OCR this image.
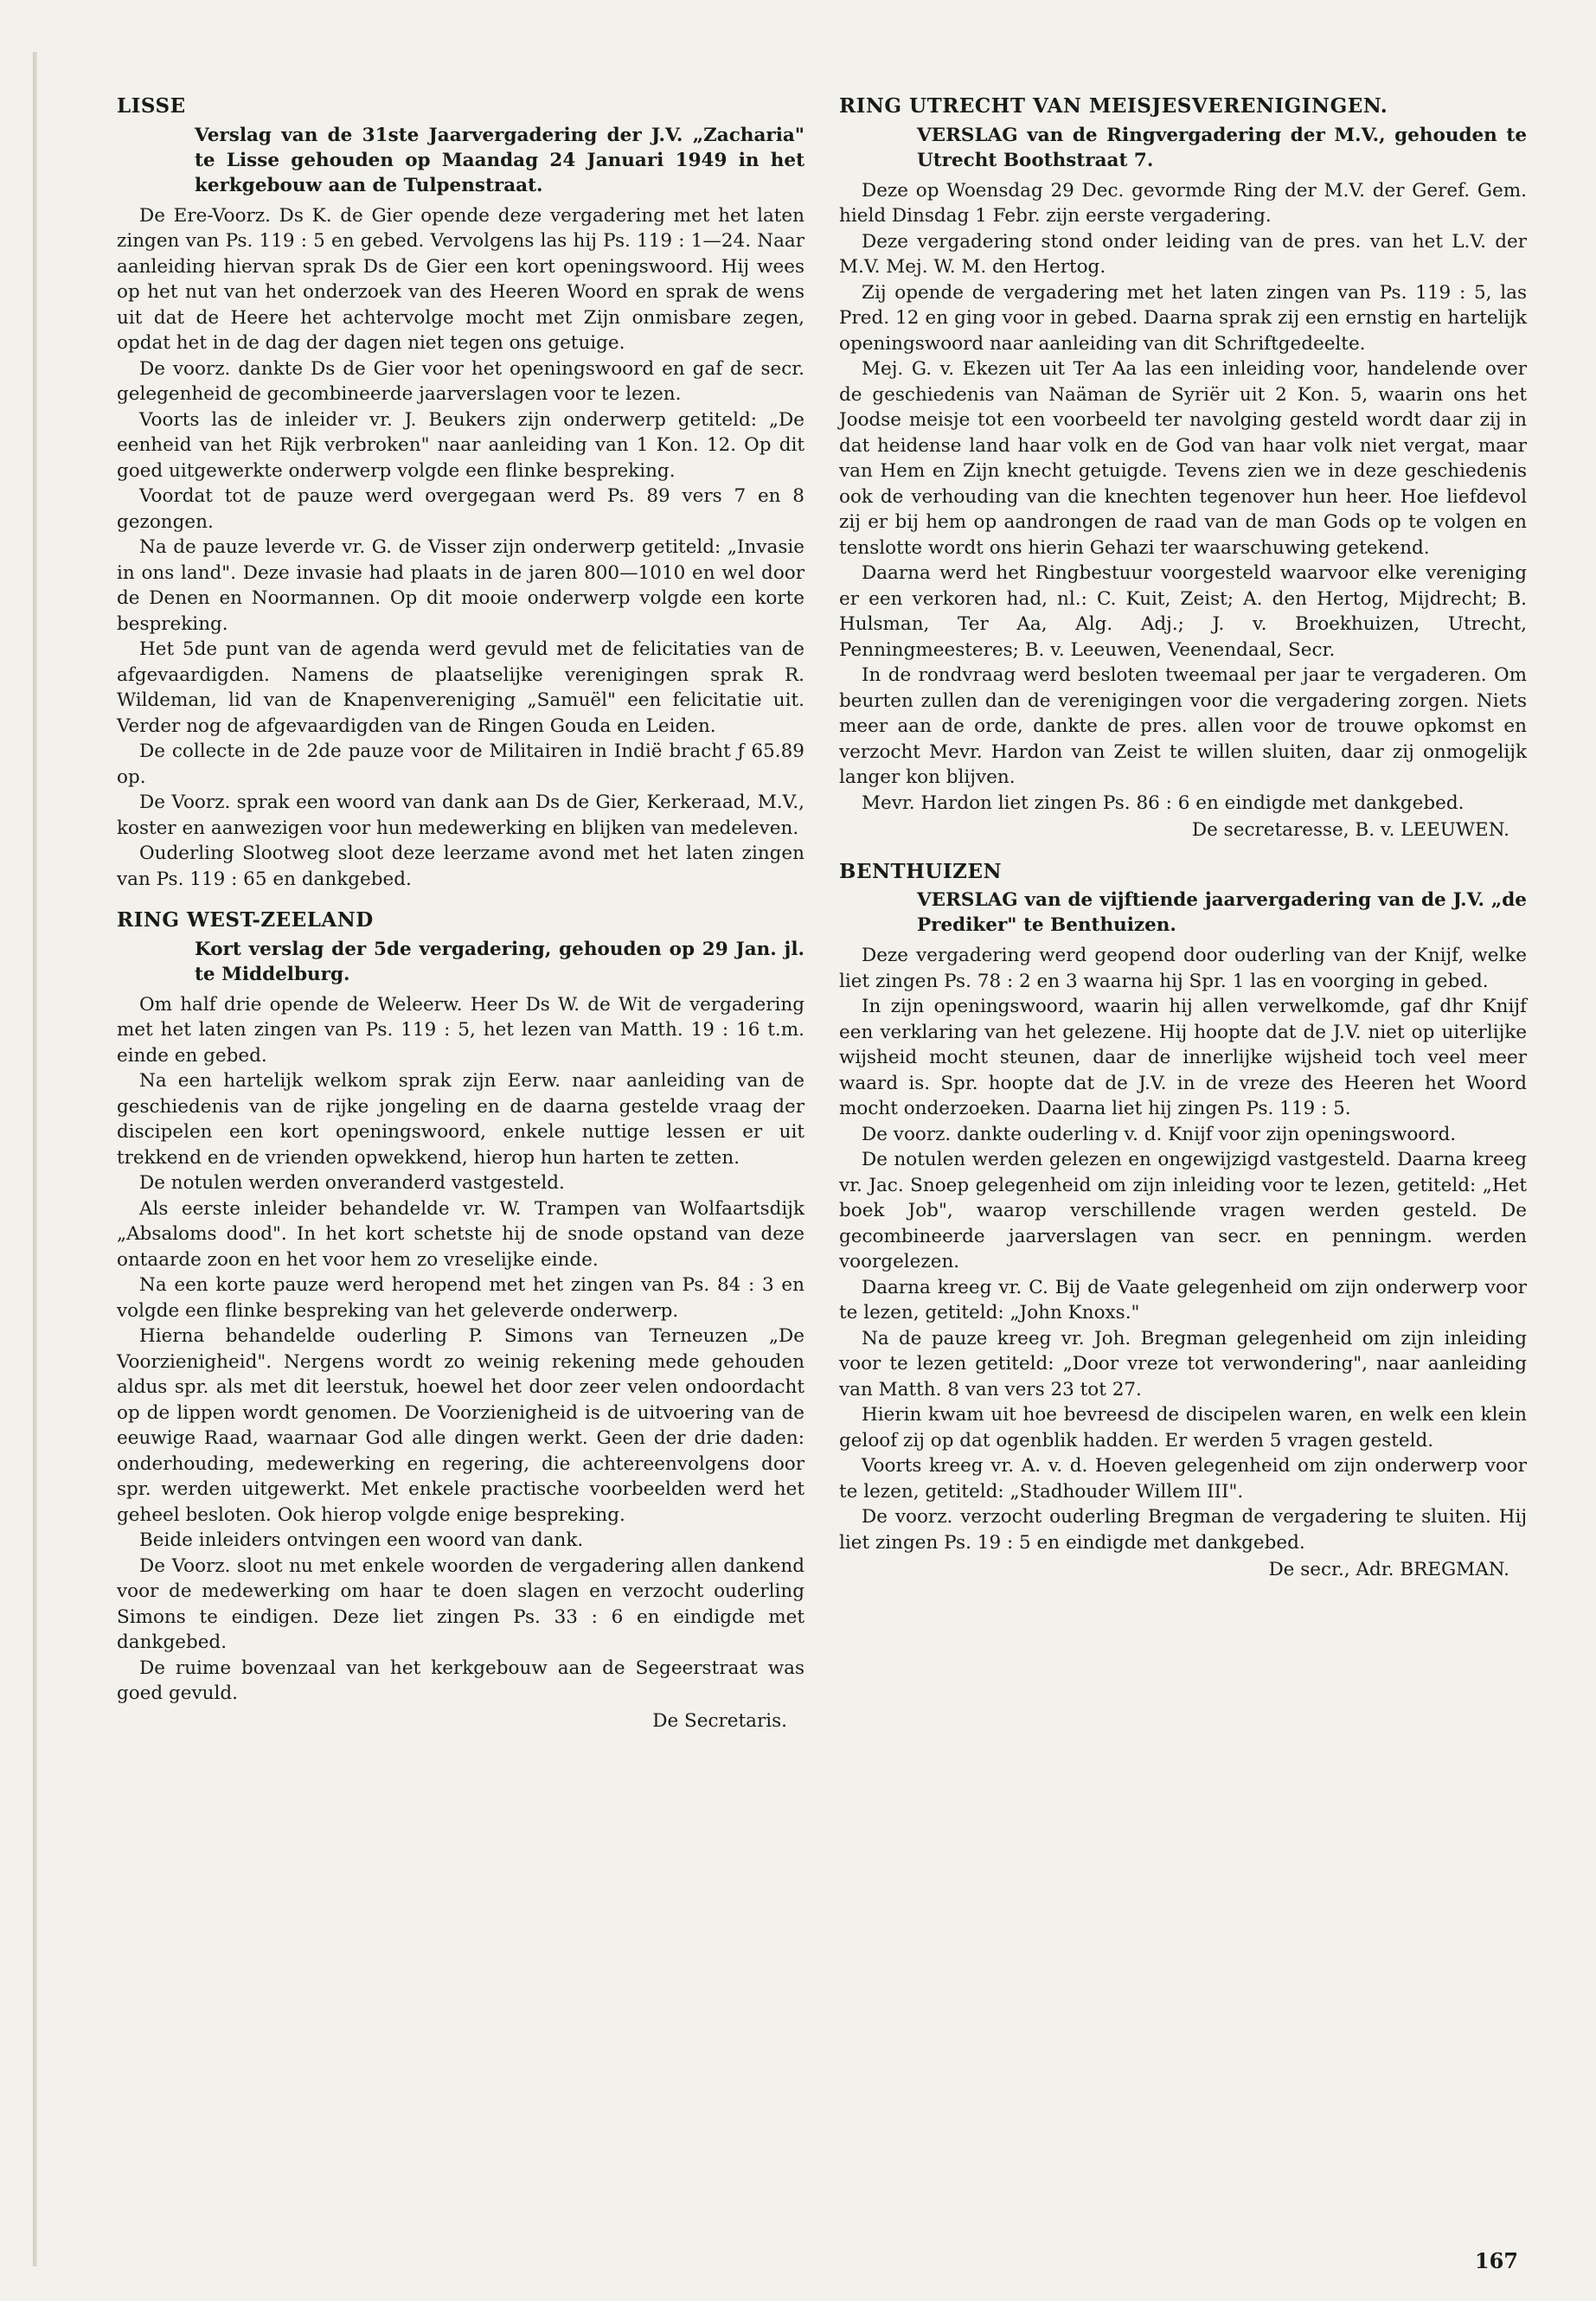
LISSE
Verslag van de 31ste Jaarvergadering der J.V. „Zacharia" te Lisse gehouden op Maandag 24 Januari 1949 in het kerkgebouw aan de Tulpenstraat.

De Ere-Voorz. Ds K. de Gier opende deze vergadering met het laten zingen van Ps. 119 : 5 en gebed. Vervolgens las hij Ps. 119 : 1—24. Naar aanleiding hiervan sprak Ds de Gier een kort openingswoord. Hij wees op het nut van het onderzoek van des Heeren Woord en sprak de wens uit dat de Heere het achtervolge mocht met Zijn onmisbare zegen, opdat het in de dag der dagen niet tegen ons getuige.

De voorz. dankte Ds de Gier voor het openingswoord en gaf de secr. gelegenheid de gecombineerde jaarverslagen voor te lezen.

Voorts las de inleider vr. J. Beukers zijn onderwerp getiteld: „De eenheid van het Rijk verbroken" naar aanleiding van 1 Kon. 12. Op dit goed uitgewerkte onderwerp volgde een flinke bespreking.

Voordat tot de pauze werd overgegaan werd Ps. 89 vers 7 en 8 gezongen.

Na de pauze leverde vr. G. de Visser zijn onderwerp getiteld: „Invasie in ons land". Deze invasie had plaats in de jaren 800—1010 en wel door de Denen en Noormannen. Op dit mooie onderwerp volgde een korte bespreking.

Het 5de punt van de agenda werd gevuld met de felicitaties van de afgevaardigden. Namens de plaatselijke verenigingen sprak R. Wildeman, lid van de Knapenvereniging „Samuël" een felicitatie uit. Verder nog de afgevaardigden van de Ringen Gouda en Leiden.

De collecte in de 2de pauze voor de Militairen in Indië bracht ƒ 65.89 op.

De Voorz. sprak een woord van dank aan Ds de Gier, Kerkeraad, M.V., koster en aanwezigen voor hun medewerking en blijken van medeleven.

Ouderling Slootweg sloot deze leerzame avond met het laten zingen van Ps. 119 : 65 en dankgebed.

RING WEST-ZEELAND
Kort verslag der 5de vergadering, gehouden op 29 Jan. jl. te Middelburg.

Om half drie opende de Weleerw. Heer Ds W. de Wit de vergadering met het laten zingen van Ps. 119 : 5, het lezen van Matth. 19 : 16 t.m. einde en gebed.

Na een hartelijk welkom sprak zijn Eerw. naar aanleiding van de geschiedenis van de rijke jongeling en de daarna gestelde vraag der discipelen een kort openingswoord, enkele nuttige lessen er uit trekkend en de vrienden opwekkend, hierop hun harten te zetten.

De notulen werden onveranderd vastgesteld.

Als eerste inleider behandelde vr. W. Trampen van Wolfaartsdijk „Absaloms dood". In het kort schetste hij de snode opstand van deze ontaarde zoon en het voor hem zo vreselijke einde.

Na een korte pauze werd heropend met het zingen van Ps. 84 : 3 en volgde een flinke bespreking van het geleverde onderwerp.

Hierna behandelde ouderling P. Simons van Terneuzen „De Voorzienigheid". Nergens wordt zo weinig rekening mede gehouden aldus spr. als met dit leerstuk, hoewel het door zeer velen ondoordacht op de lippen wordt genomen. De Voorzienigheid is de uitvoering van de eeuwige Raad, waarnaar God alle dingen werkt. Geen der drie daden: onderhouding, medewerking en regering, die achtereenvolgens door spr. werden uitgewerkt. Met enkele practische voorbeelden werd het geheel besloten. Ook hierop volgde enige bespreking.

Beide inleiders ontvingen een woord van dank.

De Voorz. sloot nu met enkele woorden de vergadering allen dankend voor de medewerking om haar te doen slagen en verzocht ouderling Simons te eindigen. Deze liet zingen Ps. 33 : 6 en eindigde met dankgebed.

De ruime bovenzaal van het kerkgebouw aan de Segeerstraat was goed gevuld.

De Secretaris.
RING UTRECHT VAN MEISJESVERENIGINGEN.
VERSLAG van de Ringvergadering der M.V., gehouden te Utrecht Boothstraat 7.

Deze op Woensdag 29 Dec. gevormde Ring der M.V. der Geref. Gem. hield Dinsdag 1 Febr. zijn eerste vergadering.

Deze vergadering stond onder leiding van de pres. van het L.V. der M.V. Mej. W. M. den Hertog.

Zij opende de vergadering met het laten zingen van Ps. 119 : 5, las Pred. 12 en ging voor in gebed. Daarna sprak zij een ernstig en hartelijk openingswoord naar aanleiding van dit Schriftgedeelte.

Mej. G. v. Ekezen uit Ter Aa las een inleiding voor, handelende over de geschiedenis van Naäman de Syriër uit 2 Kon. 5, waarin ons het Joodse meisje tot een voorbeeld ter navolging gesteld wordt daar zij in dat heidense land haar volk en de God van haar volk niet vergat, maar van Hem en Zijn knecht getuigde. Tevens zien we in deze geschiedenis ook de verhouding van die knechten tegenover hun heer. Hoe liefdevol zij er bij hem op aandrongen de raad van de man Gods op te volgen en tenslotte wordt ons hierin Gehazi ter waarschuwing getekend.

Daarna werd het Ringbestuur voorgesteld waarvoor elke vereniging er een verkoren had, nl.: C. Kuit, Zeist; A. den Hertog, Mijdrecht; B. Hulsman, Ter Aa, Alg. Adj.; J. v. Broekhuizen, Utrecht, Penningmeesteres; B. v. Leeuwen, Veenendaal, Secr.

In de rondvraag werd besloten tweemaal per jaar te vergaderen. Om beurten zullen dan de verenigingen voor die vergadering zorgen. Niets meer aan de orde, dankte de pres. allen voor de trouwe opkomst en verzocht Mevr. Hardon van Zeist te willen sluiten, daar zij onmogelijk langer kon blijven.

Mevr. Hardon liet zingen Ps. 86 : 6 en eindigde met dankgebed.

De secretaresse, B. v. LEEUWEN.
BENTHUIZEN
VERSLAG van de vijftiende jaarvergadering van de J.V. „de Prediker" te Benthuizen.

Deze vergadering werd geopend door ouderling van der Knijf, welke liet zingen Ps. 78 : 2 en 3 waarna hij Spr. 1 las en voorging in gebed.

In zijn openingswoord, waarin hij allen verwelkomde, gaf dhr Knijf een verklaring van het gelezene. Hij hoopte dat de J.V. niet op uiterlijke wijsheid mocht steunen, daar de innerlijke wijsheid toch veel meer waard is. Spr. hoopte dat de J.V. in de vreze des Heeren het Woord mocht onderzoeken. Daarna liet hij zingen Ps. 119 : 5.

De voorz. dankte ouderling v. d. Knijf voor zijn openingswoord.

De notulen werden gelezen en ongewijzigd vastgesteld. Daarna kreeg vr. Jac. Snoep gelegenheid om zijn inleiding voor te lezen, getiteld: „Het boek Job", waarop verschillende vragen werden gesteld. De gecombineerde jaarverslagen van secr. en penningm. werden voorgelezen.

Daarna kreeg vr. C. Bij de Vaate gelegenheid om zijn onderwerp voor te lezen, getiteld: „John Knoxs."

Na de pauze kreeg vr. Joh. Bregman gelegenheid om zijn inleiding voor te lezen getiteld: „Door vreze tot verwondering", naar aanleiding van Matth. 8 van vers 23 tot 27.

Hierin kwam uit hoe bevreesd de discipelen waren, en welk een klein geloof zij op dat ogenblik hadden. Er werden 5 vragen gesteld.

Voorts kreeg vr. A. v. d. Hoeven gelegenheid om zijn onderwerp voor te lezen, getiteld: „Stadhouder Willem III".

De voorz. verzocht ouderling Bregman de vergadering te sluiten. Hij liet zingen Ps. 19 : 5 en eindigde met dankgebed.

De secr., Adr. BREGMAN.
167
